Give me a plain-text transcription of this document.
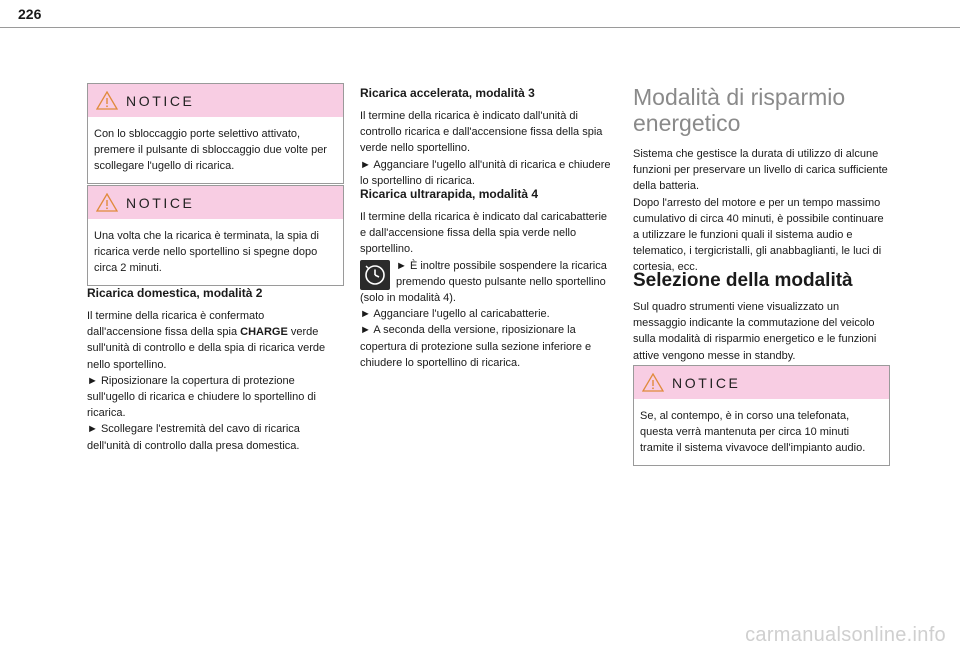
226
NOTICE
Con lo sbloccaggio porte selettivo attivato, premere il pulsante di sbloccaggio due volte per scollegare l'ugello di ricarica.
NOTICE
Una volta che la ricarica è terminata, la spia di ricarica verde nello sportellino si spegne dopo circa 2 minuti.
Ricarica domestica, modalità 2

Il termine della ricarica è confermato dall'accensione fissa della spia CHARGE verde sull'unità di controllo e della spia di ricarica verde nello sportellino.

► Riposizionare la copertura di protezione sull'ugello di ricarica e chiudere lo sportellino di ricarica.

► Scollegare l'estremità del cavo di ricarica dell'unità di controllo dalla presa domestica.

Ricarica accelerata, modalità 3

Il termine della ricarica è indicato dall'unità di controllo ricarica e dall'accensione fissa della spia verde nello sportellino.

► Agganciare l'ugello all'unità di ricarica e chiudere lo sportellino di ricarica.

Ricarica ultrarapida, modalità 4

Il termine della ricarica è indicato dal caricabatterie e dall'accensione fissa della spia verde nello sportellino.

► È inoltre possibile sospendere la ricarica premendo questo pulsante nello sportellino (solo in modalità 4).

► Agganciare l'ugello al caricabatterie.

► A seconda della versione, riposizionare la copertura di protezione sulla sezione inferiore e chiudere lo sportellino di ricarica.

Modalità di risparmio energetico

Sistema che gestisce la durata di utilizzo di alcune funzioni per preservare un livello di carica sufficiente della batteria.

Dopo l'arresto del motore e per un tempo massimo cumulativo di circa 40 minuti, è possibile continuare a utilizzare le funzioni quali il sistema audio e telematico, i tergicristalli, gli anabbaglianti, le luci di cortesia, ecc.

Selezione della modalità

Sul quadro strumenti viene visualizzato un messaggio indicante la commutazione del veicolo sulla modalità di risparmio energetico e le funzioni attive vengono messe in standby.

NOTICE
Se, al contempo, è in corso una telefonata, questa verrà mantenuta per circa 10 minuti tramite il sistema vivavoce dell'impianto audio.
carmanualsonline.info
